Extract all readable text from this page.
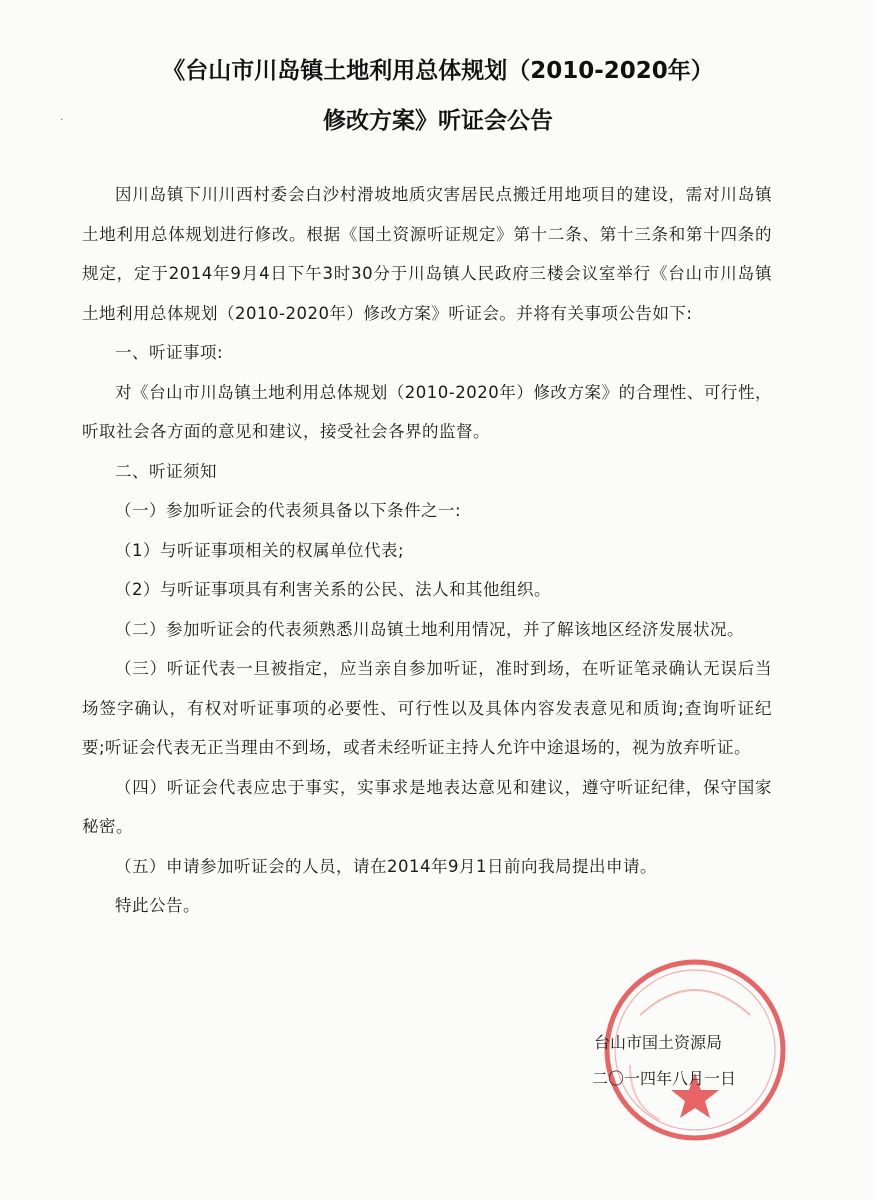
·
《台山市川岛镇土地利用总体规划（2010-2020年）
修改方案》听证会公告

因川岛镇下川川西村委会白沙村滑坡地质灾害居民点搬迁用地项目的建设，需对川岛镇土地利用总体规划进行修改。根据《国土资源听证规定》第十二条、第十三条和第十四条的规定，定于2014年9月4日下午3时30分于川岛镇人民政府三楼会议室举行《台山市川岛镇土地利用总体规划（2010-2020年）修改方案》听证会。并将有关事项公告如下:

一、听证事项:

对《台山市川岛镇土地利用总体规划（2010-2020年）修改方案》的合理性、可行性，听取社会各方面的意见和建议，接受社会各界的监督。

二、听证须知

（一）参加听证会的代表须具备以下条件之一:

（1）与听证事项相关的权属单位代表;

（2）与听证事项具有利害关系的公民、法人和其他组织。

（二）参加听证会的代表须熟悉川岛镇土地利用情况，并了解该地区经济发展状况。

（三）听证代表一旦被指定，应当亲自参加听证，准时到场，在听证笔录确认无误后当场签字确认，有权对听证事项的必要性、可行性以及具体内容发表意见和质询;查询听证纪要;听证会代表无正当理由不到场，或者未经听证主持人允许中途退场的，视为放弃听证。

（四）听证会代表应忠于事实，实事求是地表达意见和建议，遵守听证纪律，保守国家秘密。

（五）申请参加听证会的人员，请在2014年9月1日前向我局提出申请。

特此公告。

台山市国土资源局
二〇一四年八月一日
